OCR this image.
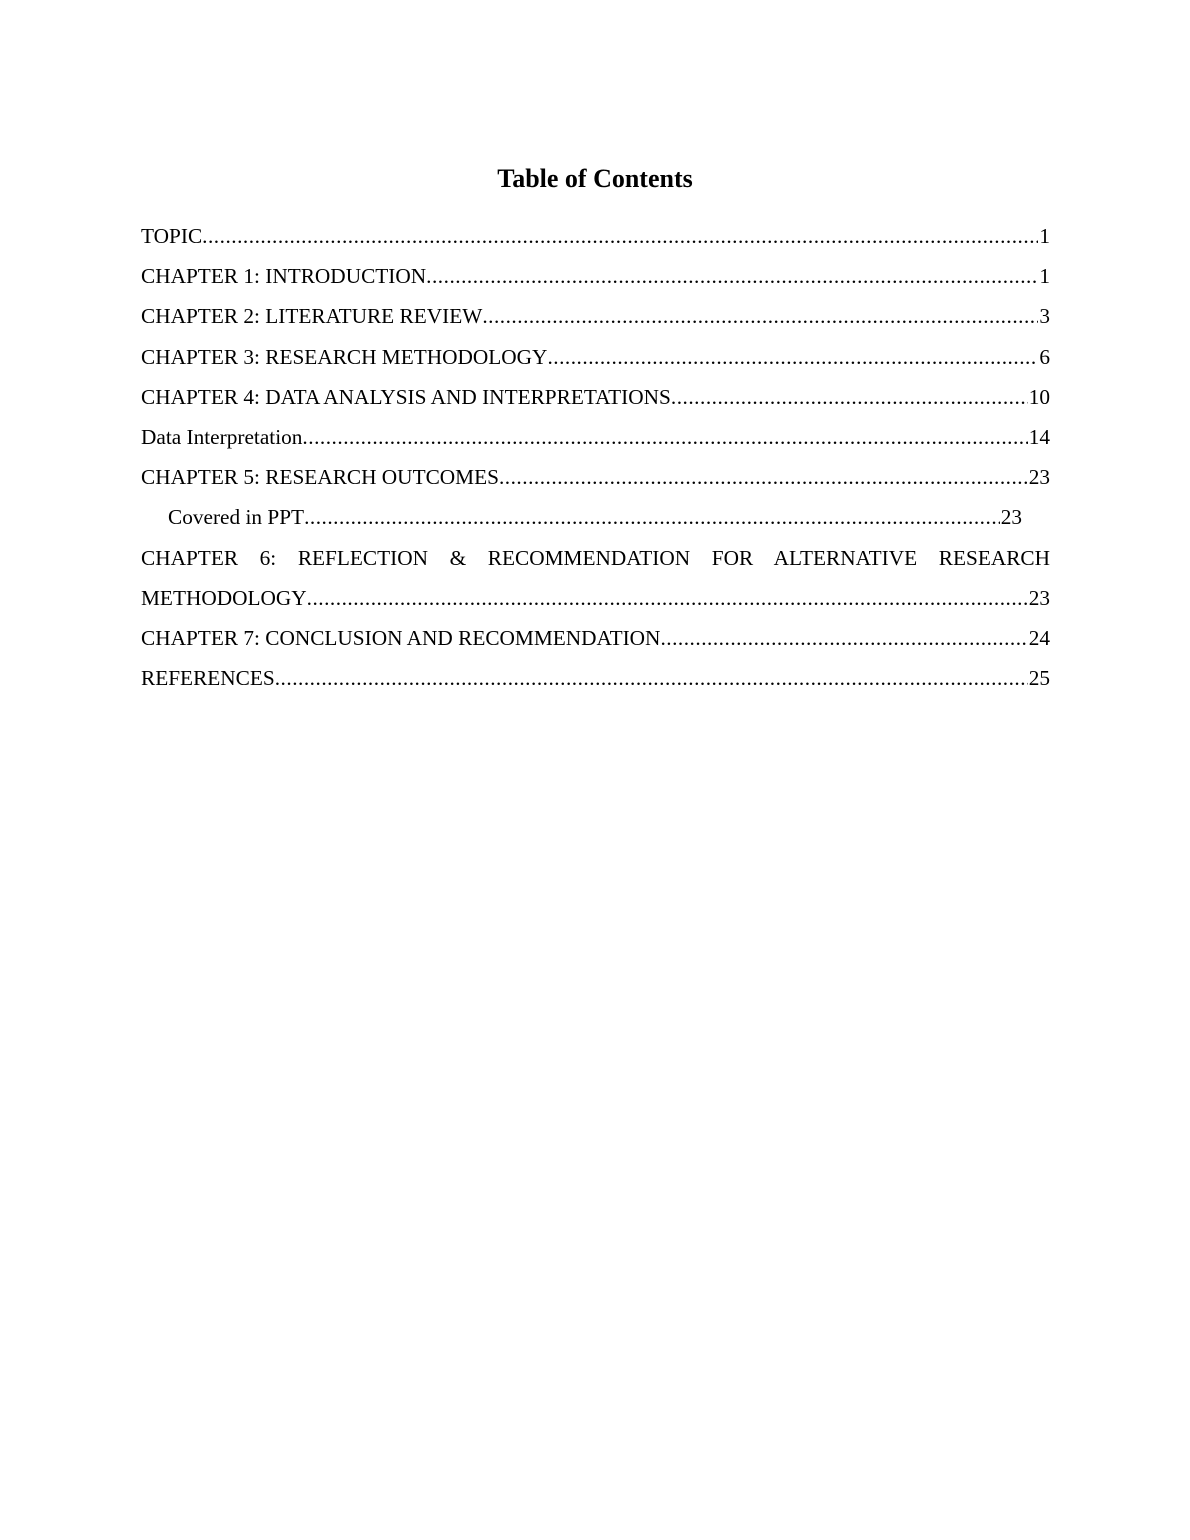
Table of Contents
TOPIC .....	1
CHAPTER 1: INTRODUCTION .....	1
CHAPTER 2: LITERATURE REVIEW .....	3
CHAPTER 3: RESEARCH METHODOLOGY .....	6
CHAPTER 4: DATA ANALYSIS AND INTERPRETATIONS .....	10
Data Interpretation .....	14
CHAPTER 5: RESEARCH OUTCOMES .....	23
Covered in PPT .....	23
CHAPTER 6: REFLECTION & RECOMMENDATION FOR ALTERNATIVE RESEARCH
METHODOLOGY .....	23
CHAPTER 7: CONCLUSION AND RECOMMENDATION .....	24
REFERENCES .....	25
